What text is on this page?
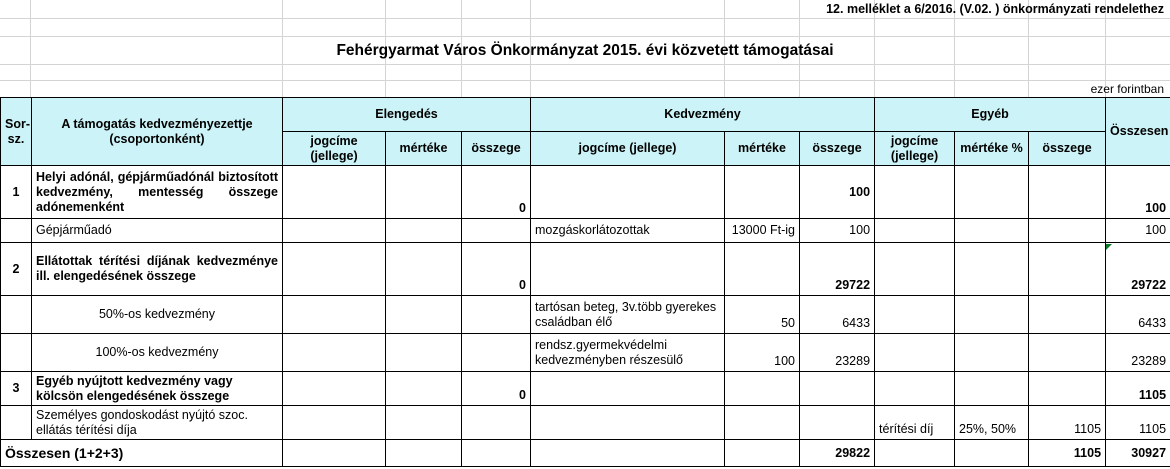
12. melléklet a 6/2016. (V.02. ) önkormányzati rendelethez
Fehérgyarmat Város Önkormányzat 2015. évi közvetett támogatásai
ezer forintban
Sor-sz.	A támogatás kedvezményezettje (csoportonként)	Elengedés			Kedvezmény			Egyéb			Összesen
		jogcíme (jellege)	mértéke	összege	jogcíme (jellege)	mértéke	összege	jogcíme (jellege)	mértéke %	összege	
1	Helyi adónál, gépjárműadónál biztosított kedvezmény, mentesség összege adónemenként			0			100				100
	Gépjárműadó				mozgáskorlátozottak	13000 Ft-ig	100				100
2	Ellátottak térítési díjának kedvezménye ill. elengedésének összege			0			29722				29722
	50%-os kedvezmény				tartósan beteg, 3v.több gyerekes családban élő	50	6433				6433
	100%-os kedvezmény				rendsz.gyermekvédelmi kedvezményben részesülő	100	23289				23289
3	Egyéb nyújtott kedvezmény vagy kölcsön elengedésének összege			0							1105
	Személyes gondoskodást nyújtó szoc. ellátás térítési díja							térítési díj	25%, 50%	1105	1105
Összesen (1+2+3)							29822			1105	30927
